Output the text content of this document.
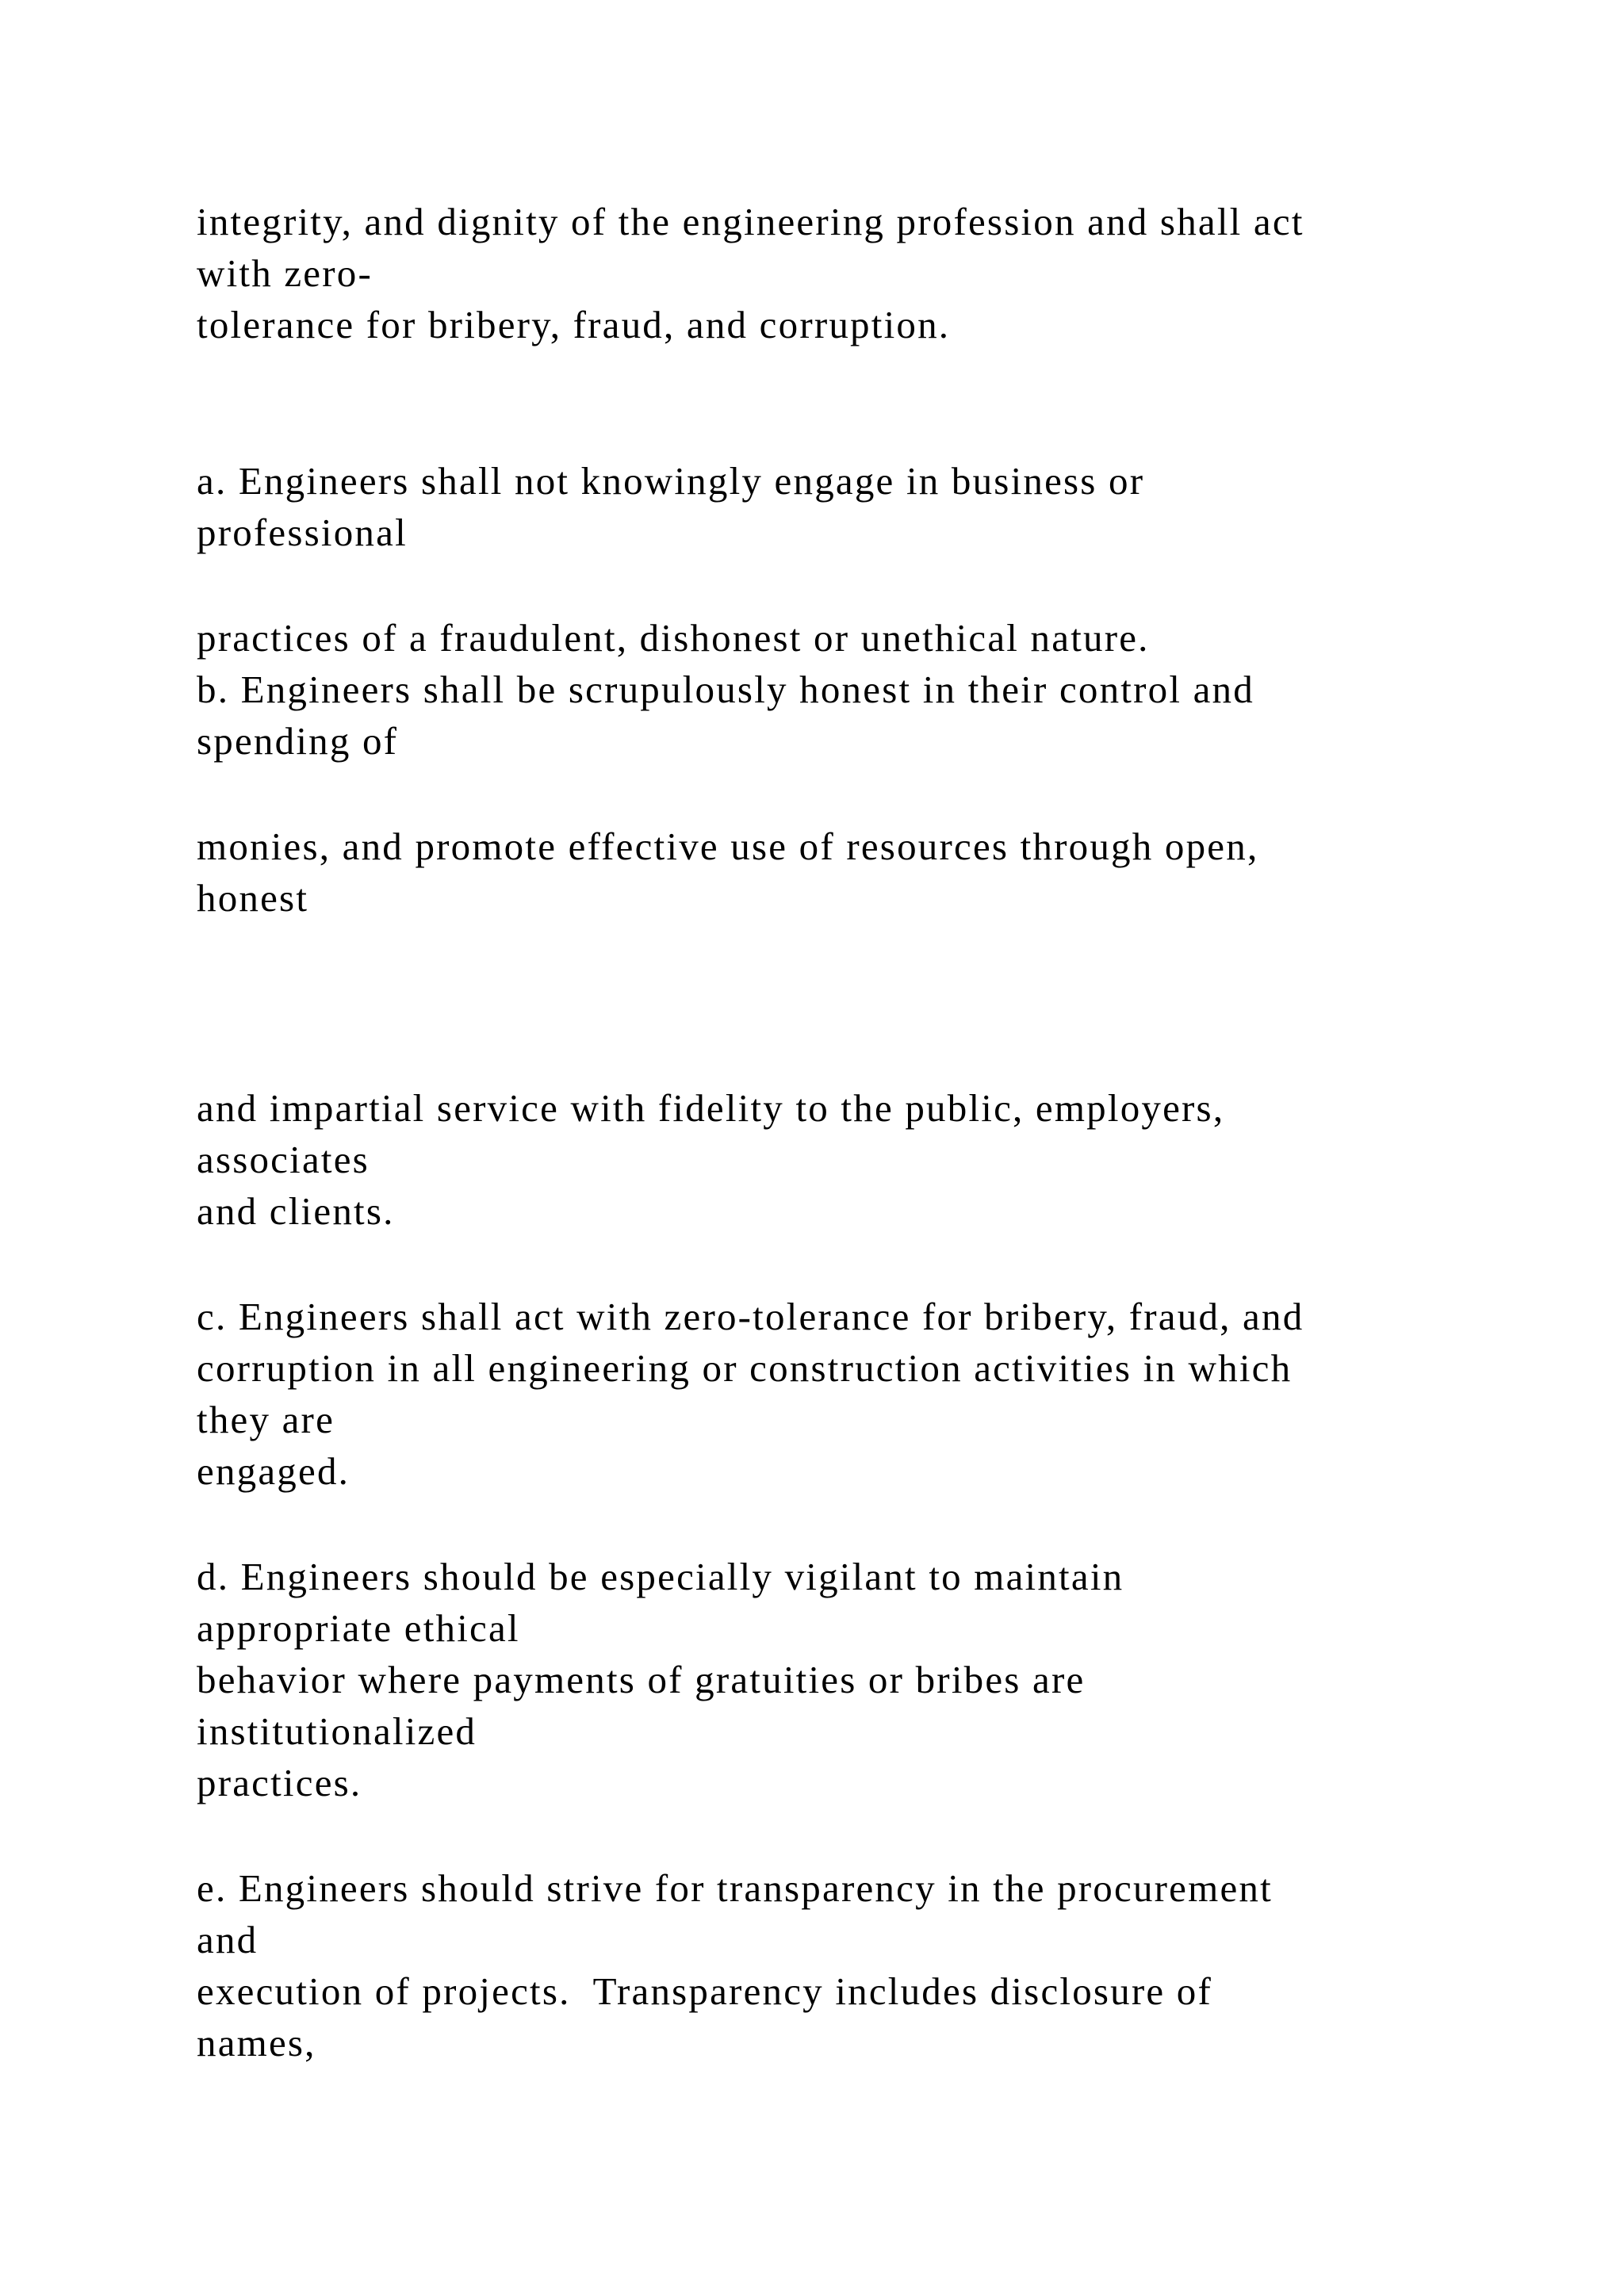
integrity, and dignity of the engineering profession and shall act
with zero-
tolerance for bribery, fraud, and corruption.
a. Engineers shall not knowingly engage in business or
professional
practices of a fraudulent, dishonest or unethical nature.
b. Engineers shall be scrupulously honest in their control and
spending of
monies, and promote effective use of resources through open,
honest
and impartial service with fidelity to the public, employers,
associates
and clients.
c. Engineers shall act with zero-tolerance for bribery, fraud, and
corruption in all engineering or construction activities in which
they are
engaged.
d. Engineers should be especially vigilant to maintain
appropriate ethical
behavior where payments of gratuities or bribes are
institutionalized
practices.
e. Engineers should strive for transparency in the procurement
and
execution of projects.  Transparency includes disclosure of
names,
